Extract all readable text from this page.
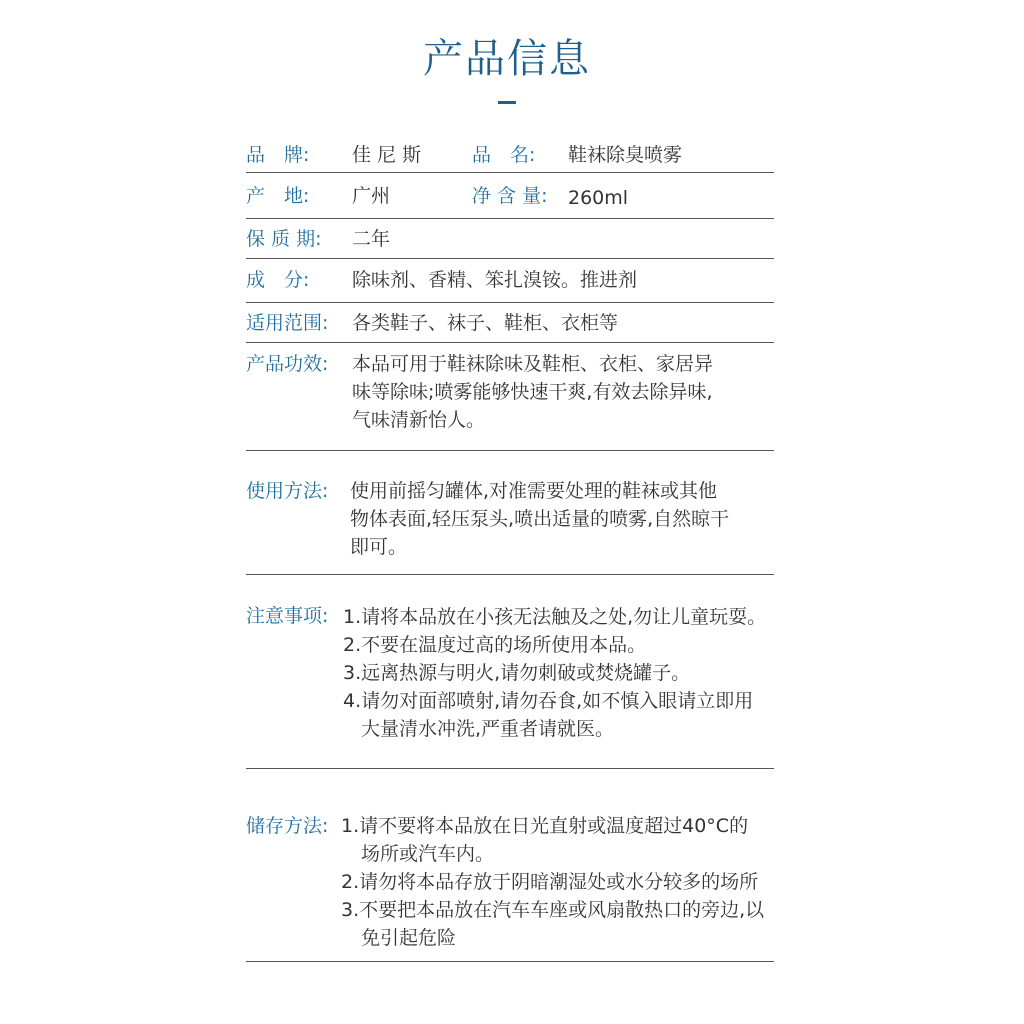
产品信息
品　牌: 佳 尼 斯	品　名: 鞋袜除臭喷雾
产　地: 广州	净 含 量: 260ml
保 质 期: 二年
成　分: 除味剂、香精、笨扎溴铵。推进剂
适用范围: 各类鞋子、袜子、鞋柜、衣柜等
产品功效: 本品可用于鞋袜除味及鞋柜、衣柜、家居异
味等除味;喷雾能够快速干爽,有效去除异味,
气味清新怡人。
使用方法: 使用前摇匀罐体,对准需要处理的鞋袜或其他
物体表面,轻压泵头,喷出适量的喷雾,自然晾干
即可。
注意事项: 1.请将本品放在小孩无法触及之处,勿让儿童玩耍。
2.不要在温度过高的场所使用本品。
3.远离热源与明火,请勿刺破或焚烧罐子。
4.请勿对面部喷射,请勿吞食,如不慎入眼请立即用
大量清水冲洗,严重者请就医。
储存方法: 1.请不要将本品放在日光直射或温度超过40°C的
场所或汽车内。
2.请勿将本品存放于阴暗潮湿处或水分较多的场所
3.不要把本品放在汽车车座或风扇散热口的旁边,以
免引起危险
